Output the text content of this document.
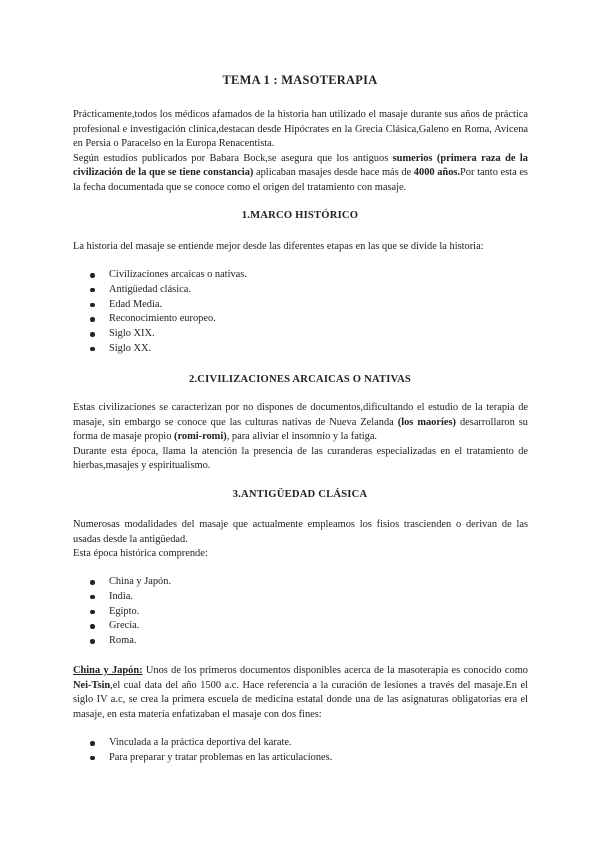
TEMA 1 : MASOTERAPIA

Prácticamente,todos los médicos afamados de la historia han utilizado el masaje durante sus años de práctica profesional e investigación clínica,destacan desde Hipócrates en la Grecia Clásica,Galeno en Roma, Avicena en Persia o Paracelso en la Europa Renacentista.

Según estudios publicados por Babara Bock,se asegura que los antiguos sumerios (primera raza de la civilización de la que se tiene constancia) aplicaban masajes desde hace más de 4000 años.Por tanto esta es la fecha documentada que se conoce como el origen del tratamiento con masaje.

1.MARCO HISTÓRICO

La historia del masaje se entiende mejor desde las diferentes etapas en las que se divide la historia:

Civilizaciones arcaicas o nativas.
Antigüedad clásica.
Edad Media.
Reconocimiento europeo.
Siglo XIX.
Siglo XX.
2.CIVILIZACIONES ARCAICAS O NATIVAS

Estas civilizaciones se caracterizan por no dispones de documentos,dificultando el estudio de la terapia de masaje, sin embargo se conoce que las culturas nativas de Nueva Zelanda (los maoríes) desarrollaron su forma de masaje propio (romi-romi), para aliviar el insomnio y la fatiga.

Durante esta época, llama la atención la presencia de las curanderas especializadas en el tratamiento de hierbas,masajes y espiritualismo.

3.ANTIGÜEDAD CLÁSICA

Numerosas modalidades del masaje que actualmente empleamos los fisios trascienden o derivan de las usadas desde la antigüedad.

Esta época histórica comprende:

China y Japón.
India.
Egipto.
Grecia.
Roma.

China y Japón: Unos de los primeros documentos disponibles acerca de la masoterapia es conocido como Nei-Tsin,el cual data del año 1500 a.c. Hace referencia a la curación de lesiones a través del masaje.En el siglo IV a.c, se crea la primera escuela de medicina estatal donde una de las asignaturas obligatorias era el masaje, en esta materia enfatizaban el masaje con dos fines:

Vinculada a la práctica deportiva del karate.
Para preparar y tratar problemas en las articulaciones.
